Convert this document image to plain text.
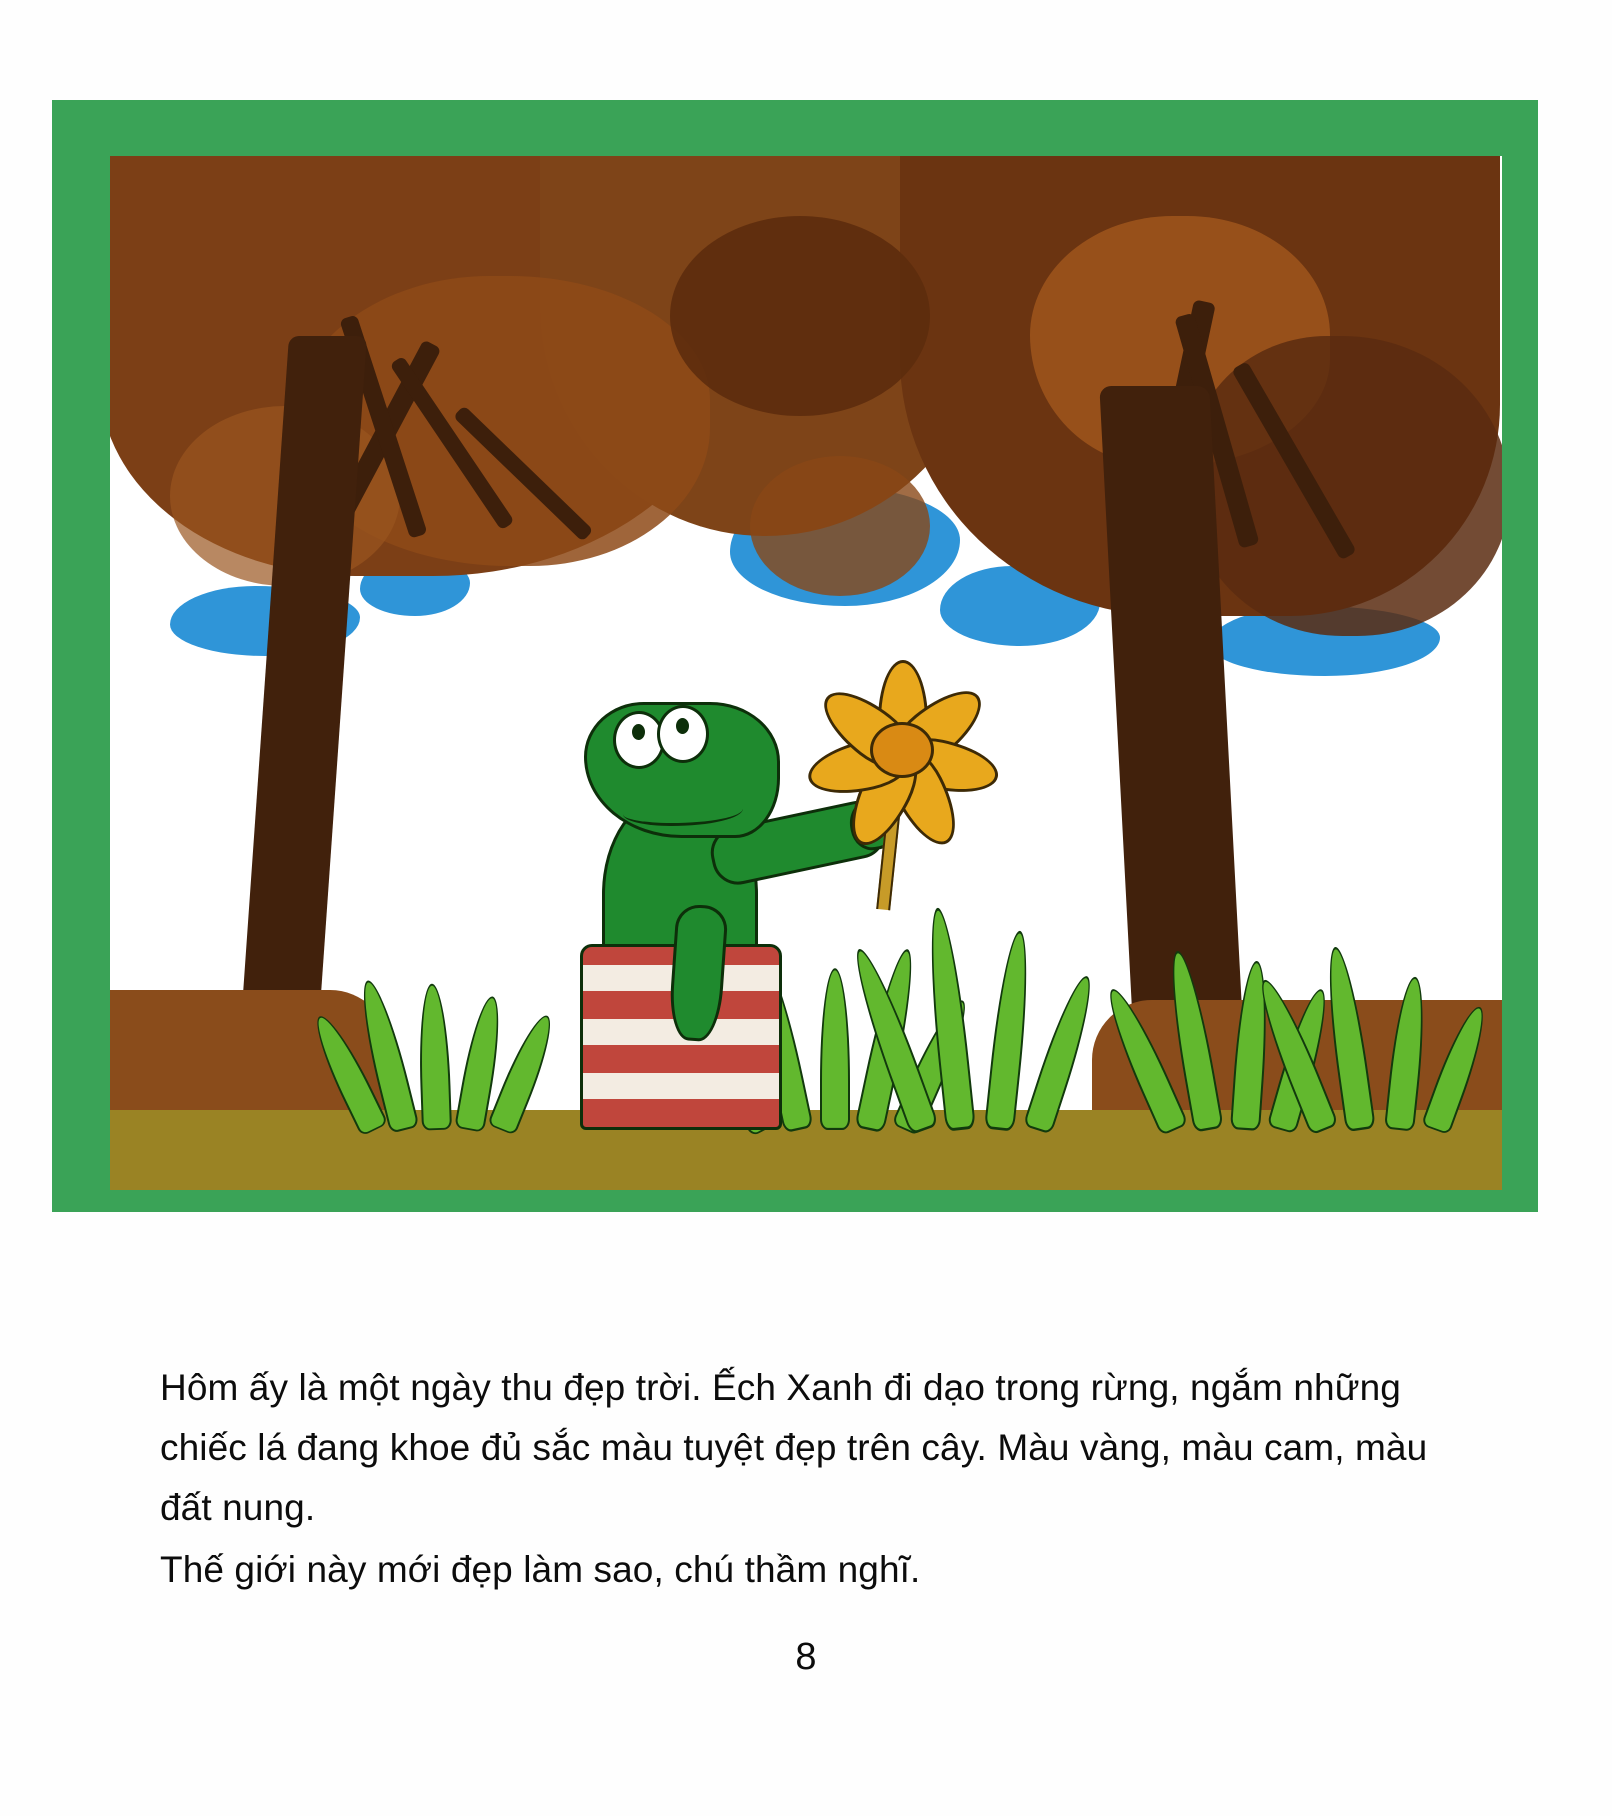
Hôm ấy là một ngày thu đẹp trời. Ếch Xanh đi dạo trong rừng, ngắm những chiếc lá đang khoe đủ sắc màu tuyệt đẹp trên cây. Màu vàng, màu cam, màu đất nung.

Thế giới này mới đẹp làm sao, chú thầm nghĩ.

8
